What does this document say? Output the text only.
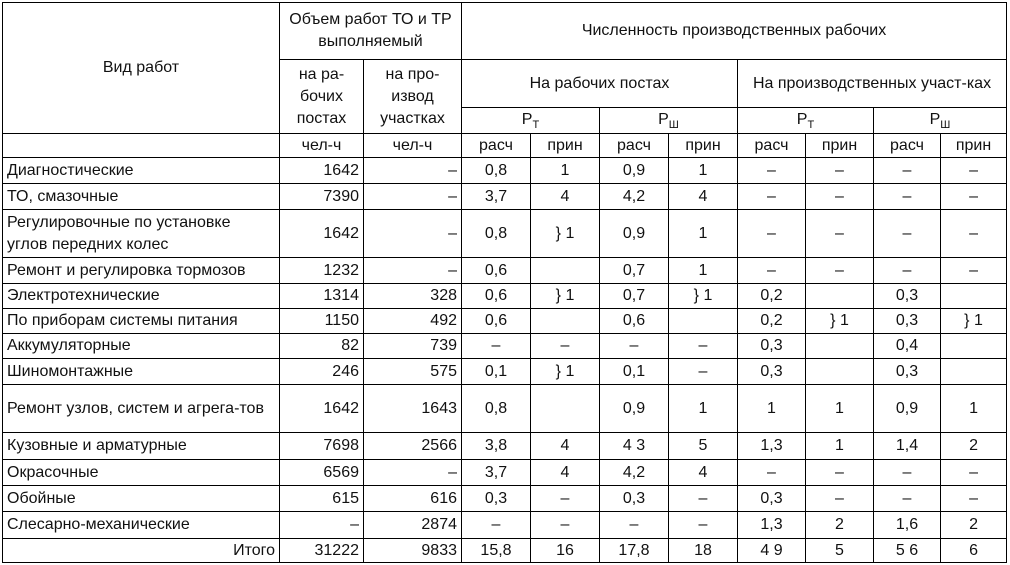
Вид работ	Объем работ ТО и ТР выполняемый		Численность производственных рабочих							
	на ра-бочих постах	на про-извод участках	На рабочих постах				На производственных участ-ках			
			$Р_Т$		$Р_Ш$		$Р_Т$		$Р_Ш$
	чел-ч	чел-ч	расч	прин	расч	прин	расч	прин	расч	прин
Диагностические	1642	–	0,8	1	0,9	1	–	–	–	–
ТО, смазочные	7390	–	3,7	4	4,2	4	–	–	–	–
Регулировочные по установке углов передних колес	1642	–	0,8	} 1	0,9	1	–	–	–	–
Ремонт и регулировка тормозов	1232	–	0,6		0,7	1	–	–	–	–
Электротехнические	1314	328	0,6	} 1	0,7	} 1	0,2		0,3	
По приборам системы питания	1150	492	0,6		0,6		0,2	} 1	0,3	} 1
Аккумуляторные	82	739	–	–	–	–	0,3		0,4	
Шиномонтажные	246	575	0,1	} 1	0,1	–	0,3		0,3	
Ремонт узлов, систем и агрега-тов	1642	1643	0,8		0,9	1	1	1	0,9	1
Кузовные и арматурные	7698	2566	3,8	4	4 3	5	1,3	1	1,4	2
Окрасочные	6569	–	3,7	4	4,2	4	–	–	–	–
Обойные	615	616	0,3	–	0,3	–	0,3	–	–	–
Слесарно-механические	–	2874	–	–	–	–	1,3	2	1,6	2
Итого	31222	9833	15,8	16	17,8	18	4 9	5	5 6	6
